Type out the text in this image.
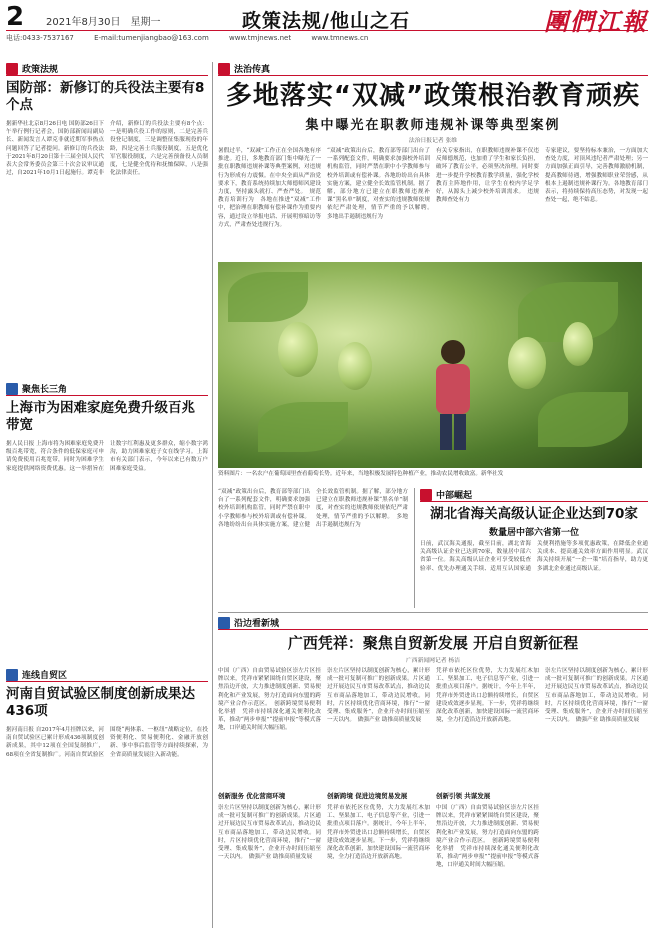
2 2021年8月30日　星期一	政策法规/他山之石	團們江報
电话:0433-7537167	E-mail:tumenjiangbao@163.com	www.tmjnews.net	www.tmnews.cn
政策法规
国防部：新修订的兵役法主要有8个点
据新华社北京8月26日电 国防部26日下午举行例行记者会，国防部新闻局副局长、新闻发言人谭克非就近期军事热点问题回答了记者提问。新修订的兵役法于2021年8月20日第十三届全国人民代表大会常务委员会第三十次会议审议通过，自2021年10月1日起施行。谭克非介绍，新修订的兵役法主要有8个点：一是明确兵役工作的原则，二是完善兵役登记制度，三是调整征集服现役的年龄，四是完善士兵服役制度，五是优化军官服役制度，六是完善预备役人员制度，七是健全优待和抚恤保障，八是强化法律责任。
聚焦长三角
上海市为困难家庭免费升级百兆带宽
据人民日报 上海市将为困难家庭免费升级百兆带宽，符合条件的低保家庭可申请免费使用百兆宽带，同时为困难学生家庭提供网络资费优惠。这一举措旨在让数字红利惠及更多群众，缩小数字鸿沟，助力困难家庭子女在线学习。上海市有关部门表示，今年以来已有数万户困难家庭受益。
连线自贸区
河南自贸试验区制度创新成果达436项
据河南日报 自2017年4月挂牌以来，河南自贸试验区已累计形成436项制度创新成果，其中12项在全国复制推广，68项在全省复制推广。河南自贸试验区围绕“两体系、一枢纽”战略定位，在投资便利化、贸易便利化、金融开放创新、事中事后监管等方面持续探索，为全省高质量发展注入新动能。
法治传真
多地落实“双减”政策根治教育顽疾
集中曝光在职教师违规补课等典型案例
法治日报记者 张维
暑假过半，“双减”工作正在全国各地有序推进。近日，多地教育部门集中曝光了一批在职教师违规补课等典型案例，对违规行为形成有力震慑。在中央全面从严治党要求下，教育系统持续加大师德师风建设力度，坚持露头就打、严查严处。　规范教育培训行为　各地在推进“双减”工作中，把治理在职教师有偿补课作为重要内容，通过设立举报电话、开展明察暗访等方式，严肃查处违规行为。
“双减”政策出台后，教育部等部门出台了一系列配套文件，明确要求加强校外培训机构监管，同时严禁在职中小学教师参与校外培训或有偿补课。各地纷纷出台具体实施方案，建立健全长效监管机制。据了解，部分地方已建立在职教师违规补课“黑名单”制度，对查实的违规教师依规依纪严肃处理，情节严重的予以解聘。　多地出手遏制违规行为
有关专家指出，在职教师违规补课不仅违反师德规范，也加重了学生和家长负担，破坏了教育公平，必须坚决治理。同时要进一步提升学校教育教学质量，强化学校教育主阵地作用，让学生在校内学足学好，从源头上减少校外培训需求。　违规教师查处有力
专家建议，要坚持标本兼治，一方面加大查处力度，对顶风违纪者严肃处理；另一方面加强正面引导，完善教师激励机制，提高教师待遇，增强教师职业荣誉感，从根本上遏制违规补课行为。各地教育部门表示，将持续保持高压态势，对发现一起查处一起，绝不姑息。
资料图片：一名农户在葡萄园里查看葡萄长势。近年来，当地积极发展特色种植产业，推动农民增收致富。新华社发
中部崛起
湖北省海关高级认证企业达到70家
数量居中部六省第一位
日前，武汉海关通报，截至目前，湖北省海关高级认证企业已达到70家，数量居中部六省第一位。海关高级认证企业可享受较低查验率、优先办理通关手续、适用互认国家通关便利措施等多项优惠政策，在降低企业通关成本、提高通关效率方面作用明显。武汉海关持续开展“一企一策”培育指导，助力更多湖北企业通过高级认证。
“双减”政策出台后，教育部等部门出台了一系列配套文件，明确要求加强校外培训机构监管，同时严禁在职中小学教师参与校外培训或有偿补课。各地纷纷出台具体实施方案，建立健全长效监管机制。据了解，部分地方已建立在职教师违规补课“黑名单”制度，对查实的违规教师依规依纪严肃处理，情节严重的予以解聘。　多地出手遏制违规行为
沿边看新城
广西凭祥：聚焦自贸新发展 开启自贸新征程
广西新闻网记者 杨洁
中国（广西）自由贸易试验区崇左片区挂牌以来，凭祥市紧紧围绕自贸区建设，聚焦沿边开放，大力推进制度创新、贸易便利化和产业发展，努力打造面向东盟的跨境产业合作示范区。　创新跨境贸易便利化举措　凭祥市持续深化通关便利化改革，推动“两步申报”“提前申报”等模式落地，口岸通关时间大幅压缩。
创新服务 优化营商环境
崇左片区坚持以制度创新为核心，累计形成一批可复制可推广的创新成果。片区通过开展边民互市贸易改革试点，推动边民互市商品落地加工，带动边民增收。同时，片区持续优化营商环境，推行“一窗受理、集成服务”，企业开办时间压缩至一天以内。　做强产业 助推高质量发展
崇左片区坚持以制度创新为核心，累计形成一批可复制可推广的创新成果。片区通过开展边民互市贸易改革试点，推动边民互市商品落地加工，带动边民增收。同时，片区持续优化营商环境，推行“一窗受理、集成服务”，企业开办时间压缩至一天以内。　做强产业 助推高质量发展
创新跨境 促进边境贸易发展
凭祥市依托区位优势，大力发展红木加工、坚果加工、电子信息等产业，引进一批重点项目落户。据统计，今年上半年，凭祥市外贸进出口总额持续增长，自贸区建设成效逐步显现。下一步，凭祥将继续深化改革创新，加快建设国际一流营商环境，全力打造沿边开放新高地。
凭祥市依托区位优势，大力发展红木加工、坚果加工、电子信息等产业，引进一批重点项目落户。据统计，今年上半年，凭祥市外贸进出口总额持续增长，自贸区建设成效逐步显现。下一步，凭祥将继续深化改革创新，加快建设国际一流营商环境，全力打造沿边开放新高地。
创新引领 共谋发展
中国（广西）自由贸易试验区崇左片区挂牌以来，凭祥市紧紧围绕自贸区建设，聚焦沿边开放，大力推进制度创新、贸易便利化和产业发展，努力打造面向东盟的跨境产业合作示范区。　创新跨境贸易便利化举措　凭祥市持续深化通关便利化改革，推动“两步申报”“提前申报”等模式落地，口岸通关时间大幅压缩。
崇左片区坚持以制度创新为核心，累计形成一批可复制可推广的创新成果。片区通过开展边民互市贸易改革试点，推动边民互市商品落地加工，带动边民增收。同时，片区持续优化营商环境，推行“一窗受理、集成服务”，企业开办时间压缩至一天以内。　做强产业 助推高质量发展
